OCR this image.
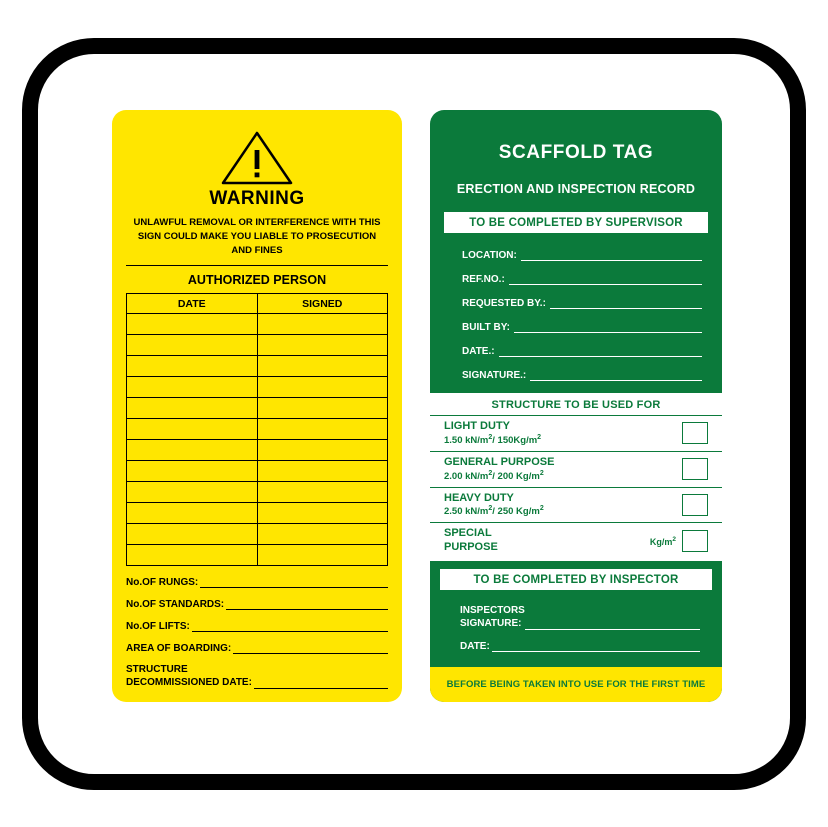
WARNING
UNLAWFUL REMOVAL OR INTERFERENCE WITH THIS SIGN COULD MAKE YOU LIABLE TO PROSECUTION AND FINES
AUTHORIZED PERSON
DATE	SIGNED

No.OF RUNGS:
No.OF STANDARDS:
No.OF LIFTS:
AREA OF BOARDING:
STRUCTURE
DECOMMISSIONED DATE:
SCAFFOLD TAG
ERECTION AND INSPECTION RECORD
TO BE COMPLETED BY SUPERVISOR
LOCATION:
REF.NO.:
REQUESTED BY.:
BUILT BY:
DATE.:
SIGNATURE.:
STRUCTURE TO BE USED FOR
LIGHT DUTY
1.50 $kN/m^2/$ $150Kg/m^2$
GENERAL PURPOSE
2.00 $kN/m^2/$ 200 $Kg/m^2$
HEAVY DUTY
2.50 $kN/m^2/$ 250 $Kg/m^2$
SPECIAL
PURPOSE	$Kg/m^2$
TO BE COMPLETED BY INSPECTOR
INSPECTORS
SIGNATURE:
DATE:
BEFORE BEING TAKEN INTO USE FOR THE FIRST TIME
